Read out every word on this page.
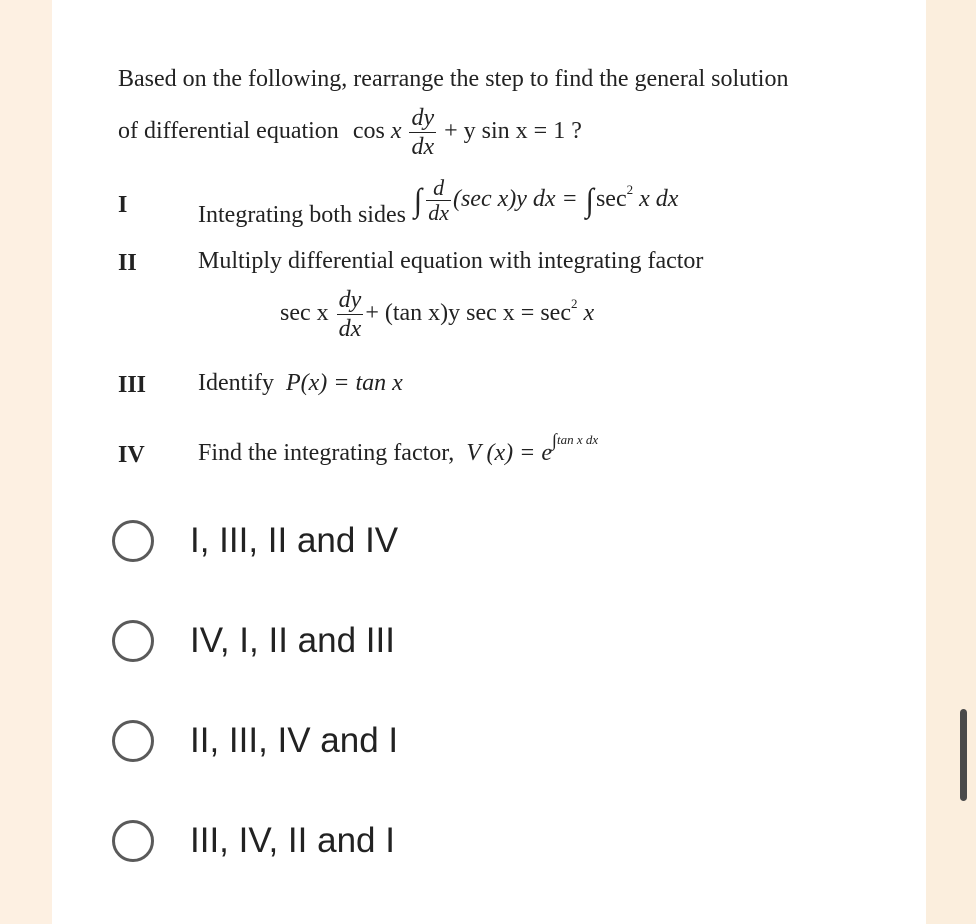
Based on the following, rearrange the step to find the general solution
of differential equation cos x $\frac{dy}{dx} + y$ sin x = 1 ?
I	Integrating both sides ∫ $\frac{d}{dx} (\sec$ x)y dx = $\int\sec^2$ x dx
II	Multiply differential equation with integrating factor
sec x $\frac{dy}{dx} + (\tan$ x)y $\sec x = \sec^2 x$
III Identify P(x) = tan x
IV Find the integrating factor, V $(x) = e^{\int tan x dx}$
I, III, II and IV
IV, I, II and III
II, III, IV and I
III, IV, II and I
